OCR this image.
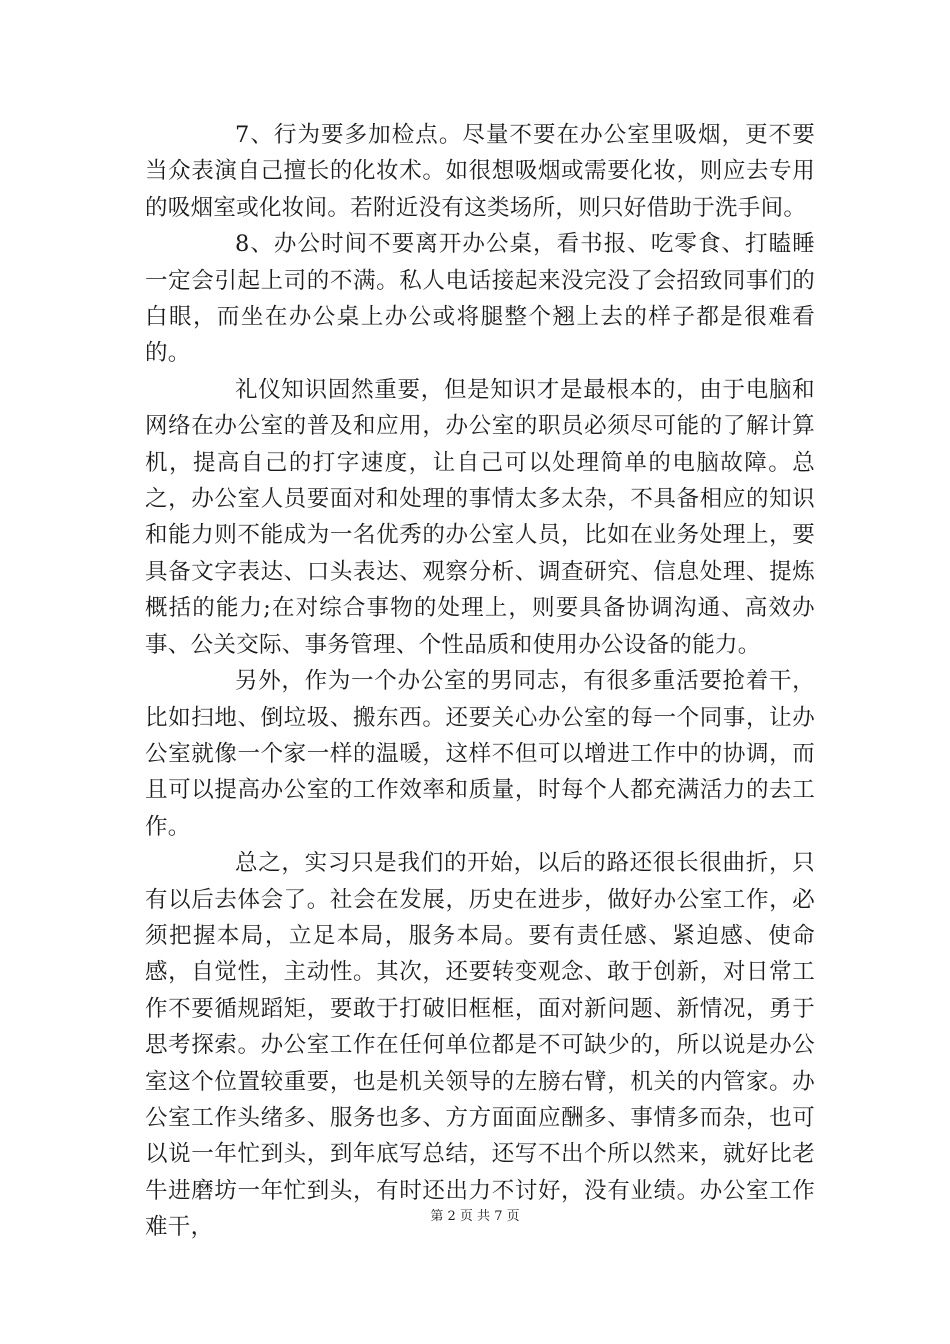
7、行为要多加检点。尽量不要在办公室里吸烟，更不要当众表演自己擅长的化妆术。如很想吸烟或需要化妆，则应去专用的吸烟室或化妆间。若附近没有这类场所，则只好借助于洗手间。

8、办公时间不要离开办公桌，看书报、吃零食、打瞌睡一定会引起上司的不满。私人电话接起来没完没了会招致同事们的白眼，而坐在办公桌上办公或将腿整个翘上去的样子都是很难看的。

礼仪知识固然重要，但是知识才是最根本的，由于电脑和网络在办公室的普及和应用，办公室的职员必须尽可能的了解计算机，提高自己的打字速度，让自己可以处理简单的电脑故障。总之，办公室人员要面对和处理的事情太多太杂，不具备相应的知识和能力则不能成为一名优秀的办公室人员，比如在业务处理上，要具备文字表达、口头表达、观察分析、调查研究、信息处理、提炼概括的能力;在对综合事物的处理上，则要具备协调沟通、高效办事、公关交际、事务管理、个性品质和使用办公设备的能力。

另外，作为一个办公室的男同志，有很多重活要抢着干，比如扫地、倒垃圾、搬东西。还要关心办公室的每一个同事，让办公室就像一个家一样的温暖，这样不但可以增进工作中的协调，而且可以提高办公室的工作效率和质量，时每个人都充满活力的去工作。

总之，实习只是我们的开始，以后的路还很长很曲折，只有以后去体会了。社会在发展，历史在进步，做好办公室工作，必须把握本局，立足本局，服务本局。要有责任感、紧迫感、使命感，自觉性，主动性。其次，还要转变观念、敢于创新，对日常工作不要循规蹈矩，要敢于打破旧框框，面对新问题、新情况，勇于思考探索。办公室工作在任何单位都是不可缺少的，所以说是办公室这个位置较重要，也是机关领导的左膀右臂，机关的内管家。办公室工作头绪多、服务也多、方方面面应酬多、事情多而杂，也可以说一年忙到头，到年底写总结，还写不出个所以然来，就好比老牛进磨坊一年忙到头，有时还出力不讨好，没有业绩。办公室工作难干，	第 2 页 共 7 页
